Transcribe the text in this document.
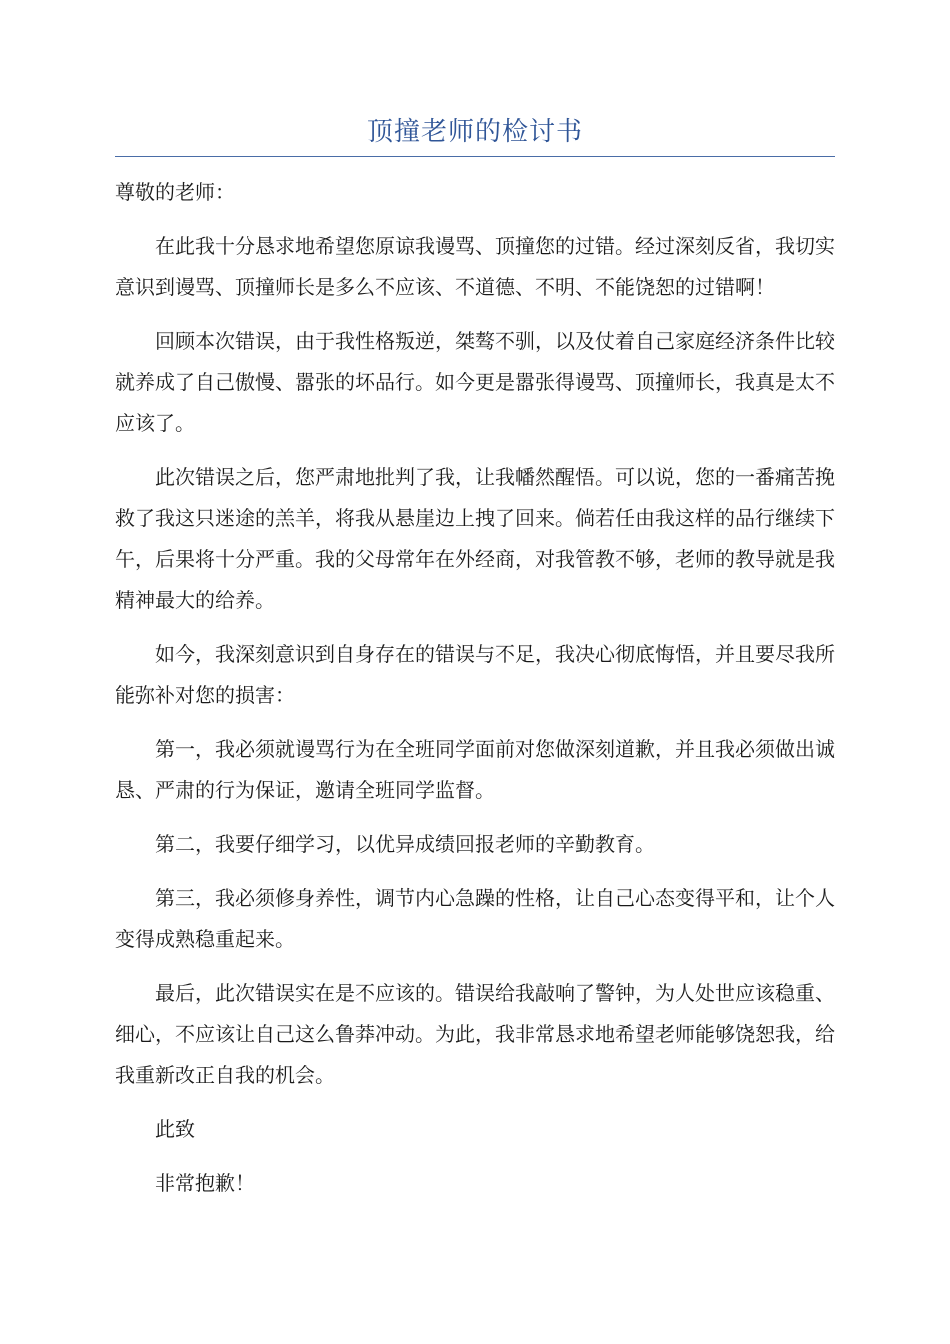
顶撞老师的检讨书

尊敬的老师：

在此我十分恳求地希望您原谅我谩骂、顶撞您的过错。经过深刻反省，我切实意识到谩骂、顶撞师长是多么不应该、不道德、不明、不能饶恕的过错啊！

回顾本次错误，由于我性格叛逆，桀骜不驯，以及仗着自己家庭经济条件比较就养成了自己傲慢、嚣张的坏品行。如今更是嚣张得谩骂、顶撞师长，我真是太不应该了。

此次错误之后，您严肃地批判了我，让我幡然醒悟。可以说，您的一番痛苦挽救了我这只迷途的羔羊，将我从悬崖边上拽了回来。倘若任由我这样的品行继续下午，后果将十分严重。我的父母常年在外经商，对我管教不够，老师的教导就是我精神最大的给养。

如今，我深刻意识到自身存在的错误与不足，我决心彻底悔悟，并且要尽我所能弥补对您的损害：

第一，我必须就谩骂行为在全班同学面前对您做深刻道歉，并且我必须做出诚恳、严肃的行为保证，邀请全班同学监督。

第二，我要仔细学习，以优异成绩回报老师的辛勤教育。

第三，我必须修身养性，调节内心急躁的性格，让自己心态变得平和，让个人变得成熟稳重起来。

最后，此次错误实在是不应该的。错误给我敲响了警钟，为人处世应该稳重、细心，不应该让自己这么鲁莽冲动。为此，我非常恳求地希望老师能够饶恕我，给我重新改正自我的机会。

此致

非常抱歉！
